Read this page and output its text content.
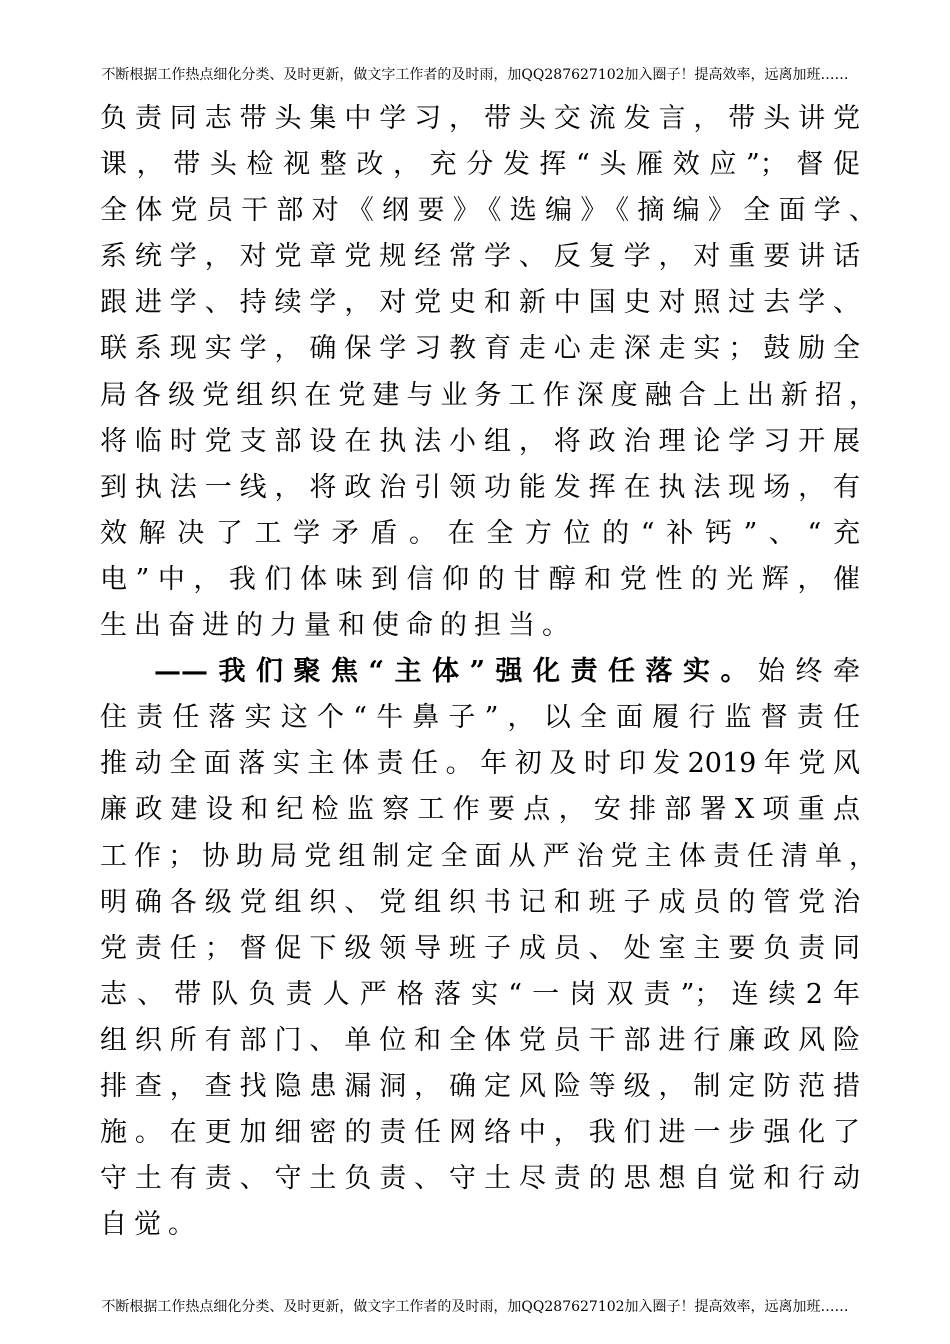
不断根据工作热点细化分类、及时更新，做文字工作者的及时雨，加QQ287627102加入圈子！提高效率，远离加班……
负责同志带头集中学习，带头交流发言，带头讲党
课，带头检视整改，充分发挥“头雁效应”；督促
全体党员干部对《纲要》《选编》《摘编》全面学、
系统学，对党章党规经常学、反复学，对重要讲话
跟进学、持续学，对党史和新中国史对照过去学、
联系现实学，确保学习教育走心走深走实；鼓励全
局各级党组织在党建与业务工作深度融合上出新招，
将临时党支部设在执法小组，将政治理论学习开展
到执法一线，将政治引领功能发挥在执法现场，有
效解决了工学矛盾。在全方位的“补钙”、“充
电”中，我们体味到信仰的甘醇和党性的光辉，催
生出奋进的力量和使命的担当。
——我们聚焦“主体”强化责任落实。始终牵
住责任落实这个“牛鼻子”，以全面履行监督责任
推动全面落实主体责任。年初及时印发2019年党风
廉政建设和纪检监察工作要点，安排部署X项重点
工作；协助局党组制定全面从严治党主体责任清单，
明确各级党组织、党组织书记和班子成员的管党治
党责任；督促下级领导班子成员、处室主要负责同
志、带队负责人严格落实“一岗双责”；连续2年
组织所有部门、单位和全体党员干部进行廉政风险
排查，查找隐患漏洞，确定风险等级，制定防范措
施。在更加细密的责任网络中，我们进一步强化了
守土有责、守土负责、守土尽责的思想自觉和行动
自觉。
不断根据工作热点细化分类、及时更新，做文字工作者的及时雨，加QQ287627102加入圈子！提高效率，远离加班……
